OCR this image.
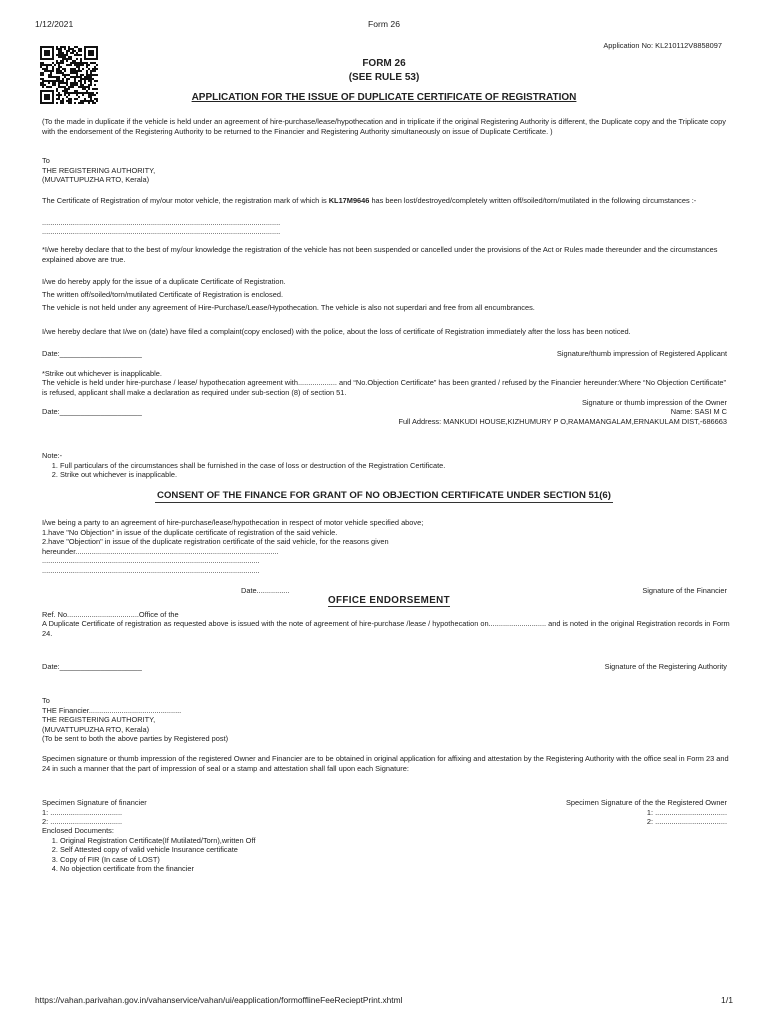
1/12/2021	Form 26
Application No: KL210112V8858097
FORM 26
(SEE RULE 53)
APPLICATION FOR THE ISSUE OF DUPLICATE CERTIFICATE OF REGISTRATION
(To the made in duplicate if the vehicle is held under an agreement of hire-purchase/lease/hypothecation and in triplicate if the original Registering Authority is different, the Duplicate copy and the Triplicate copy with the endorsement of the Registering Authority to be returned to the Financier and Registering Authority simultaneously on issue of Duplicate Certificate. )
To
THE REGISTERING AUTHORITY,
(MUVATTUPUZHA RTO, Kerala)
The Certificate of Registration of my/our motor vehicle, the registration mark of which is KL17M9646 has been lost/destroyed/completely written off/soiled/torn/mutilated in the following circumstances :-
....................................................................................................................
....................................................................................................................
*I/we hereby declare that to the best of my/our knowledge the registration of the vehicle has not been suspended or cancelled under the provisions of the Act or Rules made thereunder and the circumstances explained above are true.
I/we do hereby apply for the issue of a duplicate Certificate of Registration.
The written off/soiled/torn/mutilated Certificate of Registration is enclosed.
The vehicle is not held under any agreement of Hire-Purchase/Lease/Hypothecation. The vehicle is also not superdari and free from all encumbrances.
I/we hereby declare that I/we on (date) have filed a complaint(copy enclosed) with the police, about the loss of certificate of Registration immediately after the loss has been noticed.
Date:____________________	Signature/thumb impression of Registered Applicant
*Strike out whichever is inapplicable.
The vehicle is held under hire-purchase / lease/ hypothecation agreement with................... and “No.Objection Certificate” has been granted / refused by the Financier hereunder:Where “No Objection Certificate” is refused, applicant shall make a declaration as required under sub-section (8) of section 51.
Signature or thumb impression of the Owner
Date:____________________	Name: SASI M C
Full Address: MANKUDI HOUSE,KIZHUMURY P O,RAMAMANGALAM,ERNAKULAM DIST,-686663
Note:-
1. Full particulars of the circumstances shall be furnished in the case of loss or destruction of the Registration Certificate.
2. Strike out whichever is inapplicable.
CONSENT OF THE FINANCE FOR GRANT OF NO OBJECTION CERTIFICATE UNDER SECTION 51(6)
I/we being a party to an agreement of hire-purchase/lease/hypothecation in respect of motor vehicle specified above;
1.have "No Objection" in issue of the duplicate certificate of registration of the said vehicle.
2.have "Objection" in issue of the duplicate registration certificate of the said vehicle, for the reasons given
hereunder...................................................................................................
..........................................................................................................
..........................................................................................................
Date................	Signature of the Financier
OFFICE ENDORSEMENT
Ref. No...................................Office of the
A Duplicate Certificate of registration as requested above is issued with the note of agreement of hire-purchase /lease / hypothecation on............................ and is noted in the original Registration records in Form 24.
Date:____________________	Signature of the Registering Authority
To
THE Financier.............................................
THE REGISTERING AUTHORITY,
(MUVATTUPUZHA RTO, Kerala)
(To be sent to both the above parties by Registered post)
Specimen signature or thumb impression of the registered Owner and Financier are to be obtained in original application for affixing and attestation by the Registering Authority with the office seal in Form 23 and 24 in such a manner that the part of impression of seal or a stamp and attestation shall fall upon each Signature:
Specimen Signature of financier
1: ...................................
2: ...................................
Specimen Signature of the the Registered Owner
1: ...................................
2: ...................................
Enclosed Documents:
1. Original Registration Certificate(If Mutilated/Torn),written Off
2. Self Attested copy of valid vehicle Insurance certificate
3. Copy of FIR (In case of LOST)
4. No objection certificate from the financier
https://vahan.parivahan.gov.in/vahanservice/vahan/ui/eapplication/formofflineFeeRecieptPrint.xhtml	1/1
